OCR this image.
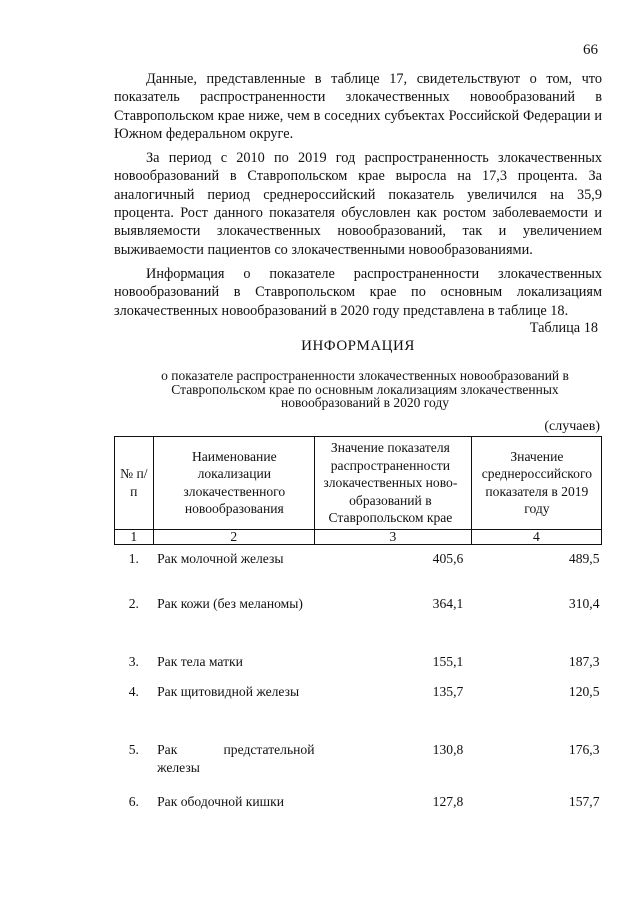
66

Данные, представленные в таблице 17, свидетельствуют о том, что показатель распространенности злокачественных новообразований в Ставропольском крае ниже, чем в соседних субъектах Российской Федерации и Южном федеральном округе.

За период с 2010 по 2019 год распространенность злокачественных новообразований в Ставропольском крае выросла на 17,3 процента. За аналогичный период среднероссийский показатель увеличился на 35,9 процента. Рост данного показателя обусловлен как ростом заболеваемости и выявляемости злокачественных новообразований, так и увеличением выживаемости пациентов со злокачественными новообразованиями.

Информация о показателе распространенности злокачественных новообразований в Ставропольском крае по основным локализациям злокачественных новообразований в 2020 году представлена в таблице 18.

Таблица 18
ИНФОРМАЦИЯ
о показателе распространенности злокачественных новообразований в Ставропольском крае по основным локализациям злокачественных новообразований в 2020 году
(случаев)
№ п/п	Наименование локализации злокачественного новообразования	Значение показателя распространенности злокачественных ново- образований в Ставропольском крае	Значение среднероссийского показателя в 2019 году
1	2	3	4
1.	Рак молочной железы	405,6	489,5
2.	Рак кожи (без меланомы)	364,1	310,4
3.	Рак тела матки	155,1	187,3
4.	Рак щитовидной железы	135,7	120,5
5.	Рак предстательной железы	130,8	176,3
6.	Рак ободочной кишки	127,8	157,7
